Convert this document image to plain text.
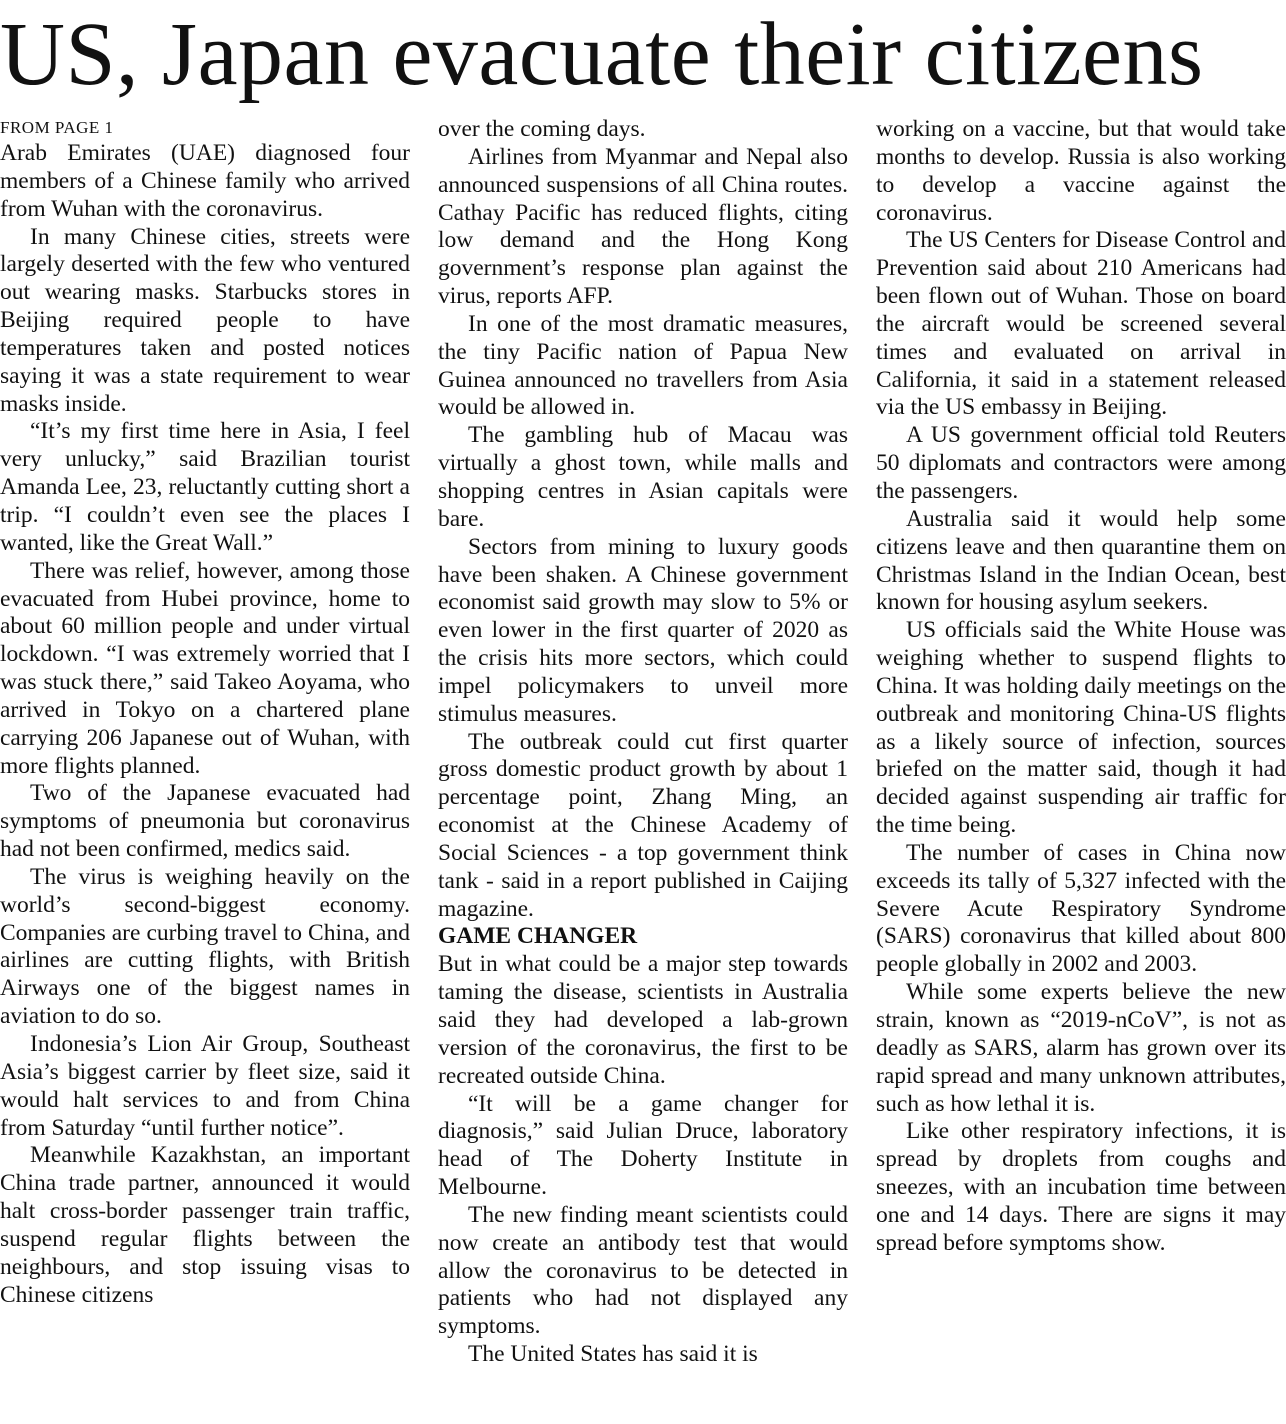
US, Japan evacuate their citizens
FROM PAGE 1

Arab Emirates (UAE) diagnosed four members of a Chinese family who arrived from Wuhan with the coronavirus.

In many Chinese cities, streets were largely deserted with the few who ventured out wearing masks. Starbucks stores in Beijing required people to have temperatures taken and posted notices saying it was a state requirement to wear masks inside.

“It’s my first time here in Asia, I feel very unlucky,” said Brazilian tourist Amanda Lee, 23, reluctantly cutting short a trip. “I couldn’t even see the places I wanted, like the Great Wall.”

There was relief, however, among those evacuated from Hubei province, home to about 60 million people and under virtual lockdown. “I was extremely worried that I was stuck there,” said Takeo Aoyama, who arrived in Tokyo on a chartered plane carrying 206 Japanese out of Wuhan, with more flights planned.

Two of the Japanese evacuated had symptoms of pneumonia but coronavirus had not been confirmed, medics said.

The virus is weighing heavily on the world’s second-biggest economy. Companies are curbing travel to China, and airlines are cutting flights, with British Airways one of the biggest names in aviation to do so.

Indonesia’s Lion Air Group, Southeast Asia’s biggest carrier by fleet size, said it would halt services to and from China from Saturday “until further notice”.

Meanwhile Kazakhstan, an important China trade partner, announced it would halt cross-border passenger train traffic, suspend regular flights between the neighbours, and stop issuing visas to Chinese citizens

over the coming days.

Airlines from Myanmar and Nepal also announced suspensions of all China routes. Cathay Pacific has reduced flights, citing low demand and the Hong Kong government’s response plan against the virus, reports AFP.

In one of the most dramatic measures, the tiny Pacific nation of Papua New Guinea announced no travellers from Asia would be allowed in.

The gambling hub of Macau was virtually a ghost town, while malls and shopping centres in Asian capitals were bare.

Sectors from mining to luxury goods have been shaken. A Chinese government economist said growth may slow to 5% or even lower in the first quarter of 2020 as the crisis hits more sectors, which could impel policymakers to unveil more stimulus measures.

The outbreak could cut first quarter gross domestic product growth by about 1 percentage point, Zhang Ming, an economist at the Chinese Academy of Social Sciences - a top government think tank - said in a report published in Caijing magazine.

GAME CHANGER

But in what could be a major step towards taming the disease, scientists in Australia said they had developed a lab-grown version of the coronavirus, the first to be recreated outside China.

“It will be a game changer for diagnosis,” said Julian Druce, laboratory head of The Doherty Institute in Melbourne.

The new finding meant scientists could now create an antibody test that would allow the coronavirus to be detected in patients who had not displayed any symptoms.

The United States has said it is

working on a vaccine, but that would take months to develop. Russia is also working to develop a vaccine against the coronavirus.

The US Centers for Disease Control and Prevention said about 210 Americans had been flown out of Wuhan. Those on board the aircraft would be screened several times and evaluated on arrival in California, it said in a statement released via the US embassy in Beijing.

A US government official told Reuters 50 diplomats and contractors were among the passengers.

Australia said it would help some citizens leave and then quarantine them on Christmas Island in the Indian Ocean, best known for housing asylum seekers.

US officials said the White House was weighing whether to suspend flights to China. It was holding daily meetings on the outbreak and monitoring China-US flights as a likely source of infection, sources briefed on the matter said, though it had decided against suspending air traffic for the time being.

The number of cases in China now exceeds its tally of 5,327 infected with the Severe Acute Respiratory Syndrome (SARS) coronavirus that killed about 800 people globally in 2002 and 2003.

While some experts believe the new strain, known as “2019-nCoV”, is not as deadly as SARS, alarm has grown over its rapid spread and many unknown attributes, such as how lethal it is.

Like other respiratory infections, it is spread by droplets from coughs and sneezes, with an incubation time between one and 14 days. There are signs it may spread before symptoms show.
